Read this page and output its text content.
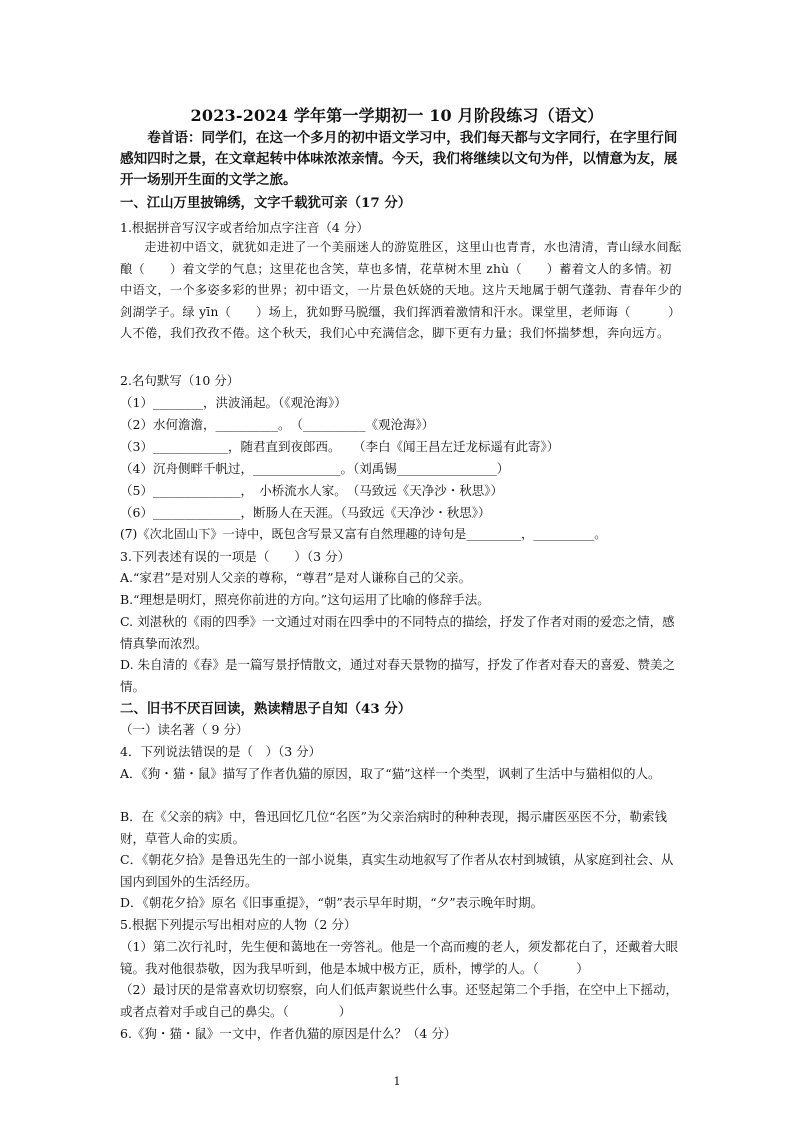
2023-2024 学年第一学期初一 10 月阶段练习（语文）

卷首语：同学们，在这一个多月的初中语文学习中，我们每天都与文字同行，在字里行间感知四时之景，在文章起转中体味浓浓亲情。今天，我们将继续以文句为伴，以情意为友，展开一场别开生面的文学之旅。

一、江山万里披锦绣，文字千载犹可亲（17 分）
1.根据拼音写汉字或者给加点字注音（4 分）

走进初中语文，就犹如走进了一个美丽迷人的游览胜区，这里山也青青，水也清清，青山绿水间酝酿（　　）着文学的气息；这里花也含笑，草也多情，花草树木里 zhù（　　）蓄着文人的多情。初中语文，一个多姿多彩的世界；初中语文，一片景色妖娆的天地。这片天地属于朝气蓬勃、青春年少的剑湖学子。绿 yīn（　　）场上，犹如野马脱缰，我们挥洒着激情和汗水。课堂里，老师诲（　　　）人不倦，我们孜孜不倦。这个秋天，我们心中充满信念，脚下更有力量；我们怀揣梦想，奔向远方。

2.名句默写（10 分）
（1）________，洪波涌起。（《观沧海》）
（2）水何澹澹，__________。　（__________《观沧海》）
（3）____________，随君直到夜郎西。　　（李白《闻王昌左迁龙标遥有此寄》）
（4）沉舟侧畔千帆过，______________。（刘禹锡________________）
（5）______________，　小桥流水人家。　（马致远《天净沙・秋思》）
（6）______________，断肠人在天涯。（马致远《天净沙・秋思》）
(7)《次北固山下》一诗中，既包含写景又富有自然理趣的诗句是_________，__________。
3.下列表述有误的一项是（　　）（3 分）
A.“家君”是对别人父亲的尊称，“尊君”是对人谦称自己的父亲。
B.“理想是明灯，照亮你前进的方向。”这句运用了比喻的修辞手法。
C. 刘湛秋的《雨的四季》一文通过对雨在四季中的不同特点的描绘，抒发了作者对雨的爱恋之情，感情真挚而浓烈。
D. 朱自清的《春》是一篇写景抒情散文，通过对春天景物的描写，抒发了作者对春天的喜爱、赞美之情。
二、旧书不厌百回读，熟读精思子自知（43 分）
（一）读名著（ 9 分）
4．下列说法错误的是（　）（3 分）
A．《狗・猫・鼠》描写了作者仇猫的原因，取了“猫”这样一个类型，讽刺了生活中与猫相似的人。
B．在《父亲的病》中，鲁迅回忆几位“名医”为父亲治病时的种种表现，揭示庸医巫医不分，勒索钱财，草菅人命的实质。
C．《朝花夕拾》是鲁迅先生的一部小说集，真实生动地叙写了作者从农村到城镇，从家庭到社会、从国内到国外的生活经历。
D．《朝花夕拾》原名《旧事重提》，“朝”表示早年时期，“夕”表示晚年时期。
5.根据下列提示写出相对应的人物（2 分）
（1）第二次行礼时，先生便和蔼地在一旁答礼。他是一个高而瘦的老人，须发都花白了，还戴着大眼镜。我对他很恭敬，因为我早听到，他是本城中极方正，质朴，博学的人。（　　　）
（2）最讨厌的是常喜欢切切察察，向人们低声絮说些什么事。还竖起第二个手指，在空中上下摇动，或者点着对手或自己的鼻尖。（　　　　）
6.《狗・猫・鼠》一文中，作者仇猫的原因是什么？（4 分）
1
